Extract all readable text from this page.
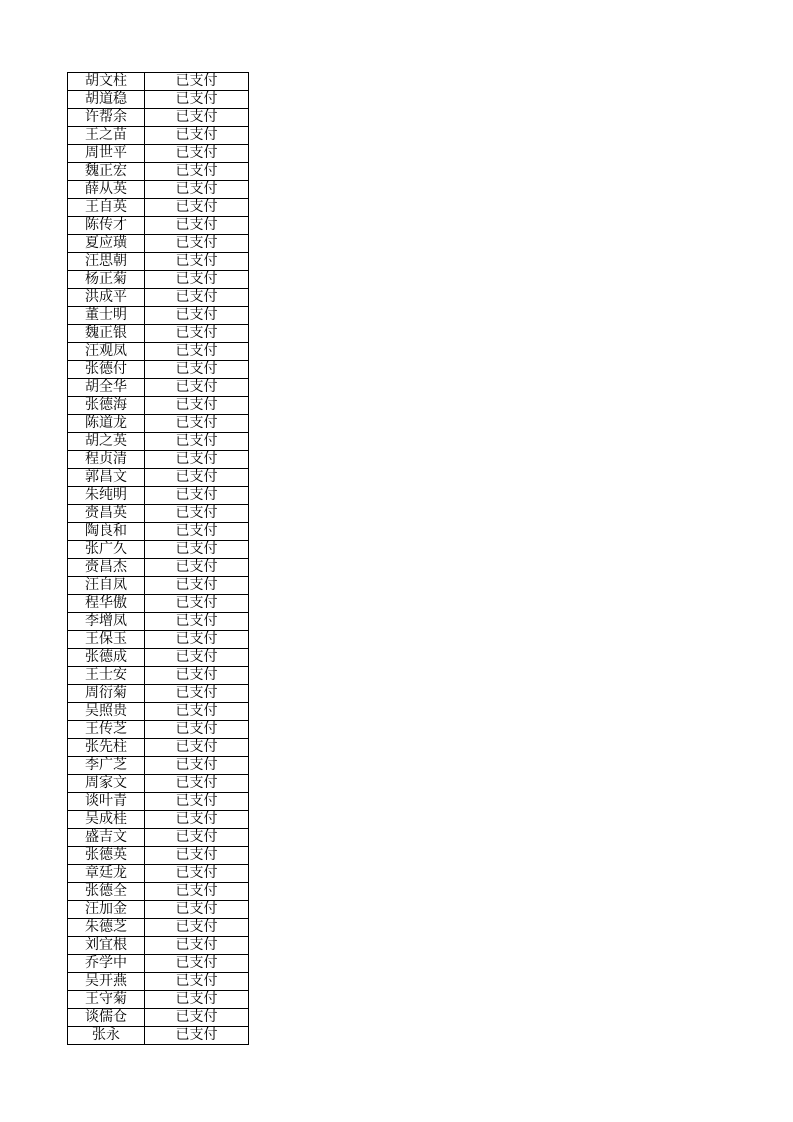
胡文柱	已支付
胡道稳	已支付
许帮余	已支付
王之苗	已支付
周世平	已支付
魏正宏	已支付
薛从英	已支付
王自英	已支付
陈传才	已支付
夏应璜	已支付
汪思朝	已支付
杨正菊	已支付
洪成平	已支付
董士明	已支付
魏正银	已支付
汪观凤	已支付
张德付	已支付
胡全华	已支付
张德海	已支付
陈道龙	已支付
胡之英	已支付
程贞清	已支付
郭昌文	已支付
朱纯明	已支付
赍昌英	已支付
陶良和	已支付
张广久	已支付
赍昌杰	已支付
汪自凤	已支付
程华傲	已支付
李增凤	已支付
王保玉	已支付
张德成	已支付
王士安	已支付
周衍菊	已支付
吴照贵	已支付
王传芝	已支付
张先柱	已支付
李广芝	已支付
周家文	已支付
谈叶青	已支付
吴成桂	已支付
盛吉文	已支付
张德英	已支付
章廷龙	已支付
张德全	已支付
汪加金	已支付
朱德芝	已支付
刘宜根	已支付
乔学中	已支付
吴开燕	已支付
王守菊	已支付
谈儒仓	已支付
张永	已支付
